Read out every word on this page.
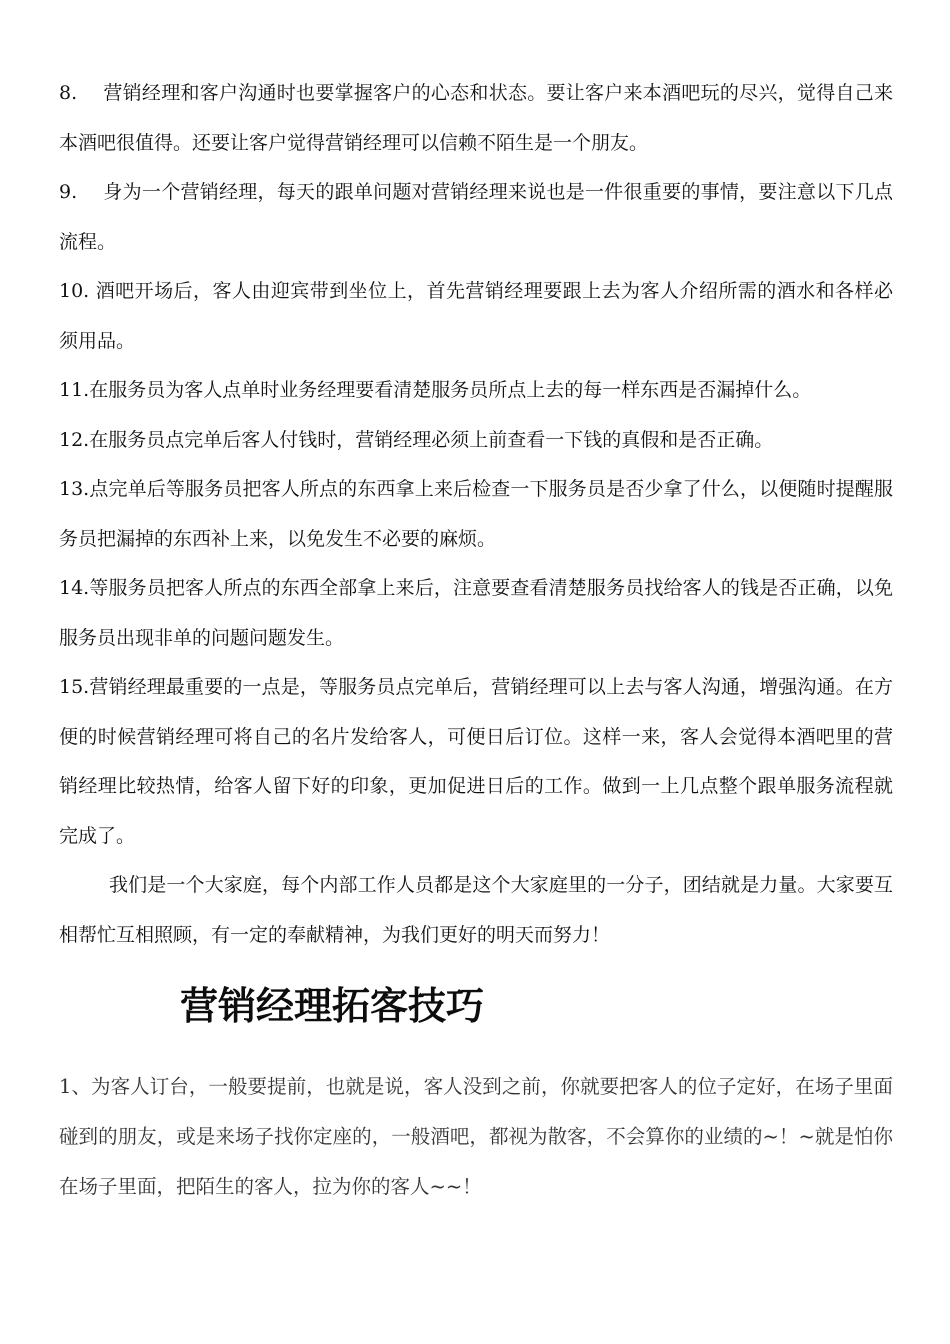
8. 营销经理和客户沟通时也要掌握客户的心态和状态。要让客户来本酒吧玩的尽兴，觉得自己来本酒吧很值得。还要让客户觉得营销经理可以信赖不陌生是一个朋友。

9. 身为一个营销经理，每天的跟单问题对营销经理来说也是一件很重要的事情，要注意以下几点流程。

10. 酒吧开场后，客人由迎宾带到坐位上，首先营销经理要跟上去为客人介绍所需的酒水和各样必须用品。

11.在服务员为客人点单时业务经理要看清楚服务员所点上去的每一样东西是否漏掉什么。

12.在服务员点完单后客人付钱时，营销经理必须上前查看一下钱的真假和是否正确。

13.点完单后等服务员把客人所点的东西拿上来后检查一下服务员是否少拿了什么，以便随时提醒服务员把漏掉的东西补上来，以免发生不必要的麻烦。

14.等服务员把客人所点的东西全部拿上来后，注意要查看清楚服务员找给客人的钱是否正确，以免服务员出现非单的问题问题发生。

15.营销经理最重要的一点是，等服务员点完单后，营销经理可以上去与客人沟通，增强沟通。在方便的时候营销经理可将自己的名片发给客人，可便日后订位。这样一来，客人会觉得本酒吧里的营销经理比较热情，给客人留下好的印象，更加促进日后的工作。做到一上几点整个跟单服务流程就完成了。

我们是一个大家庭，每个内部工作人员都是这个大家庭里的一分子，团结就是力量。大家要互相帮忙互相照顾，有一定的奉献精神，为我们更好的明天而努力！

营销经理拓客技巧

1、为客人订台，一般要提前，也就是说，客人没到之前，你就要把客人的位子定好，在场子里面碰到的朋友，或是来场子找你定座的，一般酒吧，都视为散客，不会算你的业绩的~！~就是怕你在场子里面，把陌生的客人，拉为你的客人~~！
